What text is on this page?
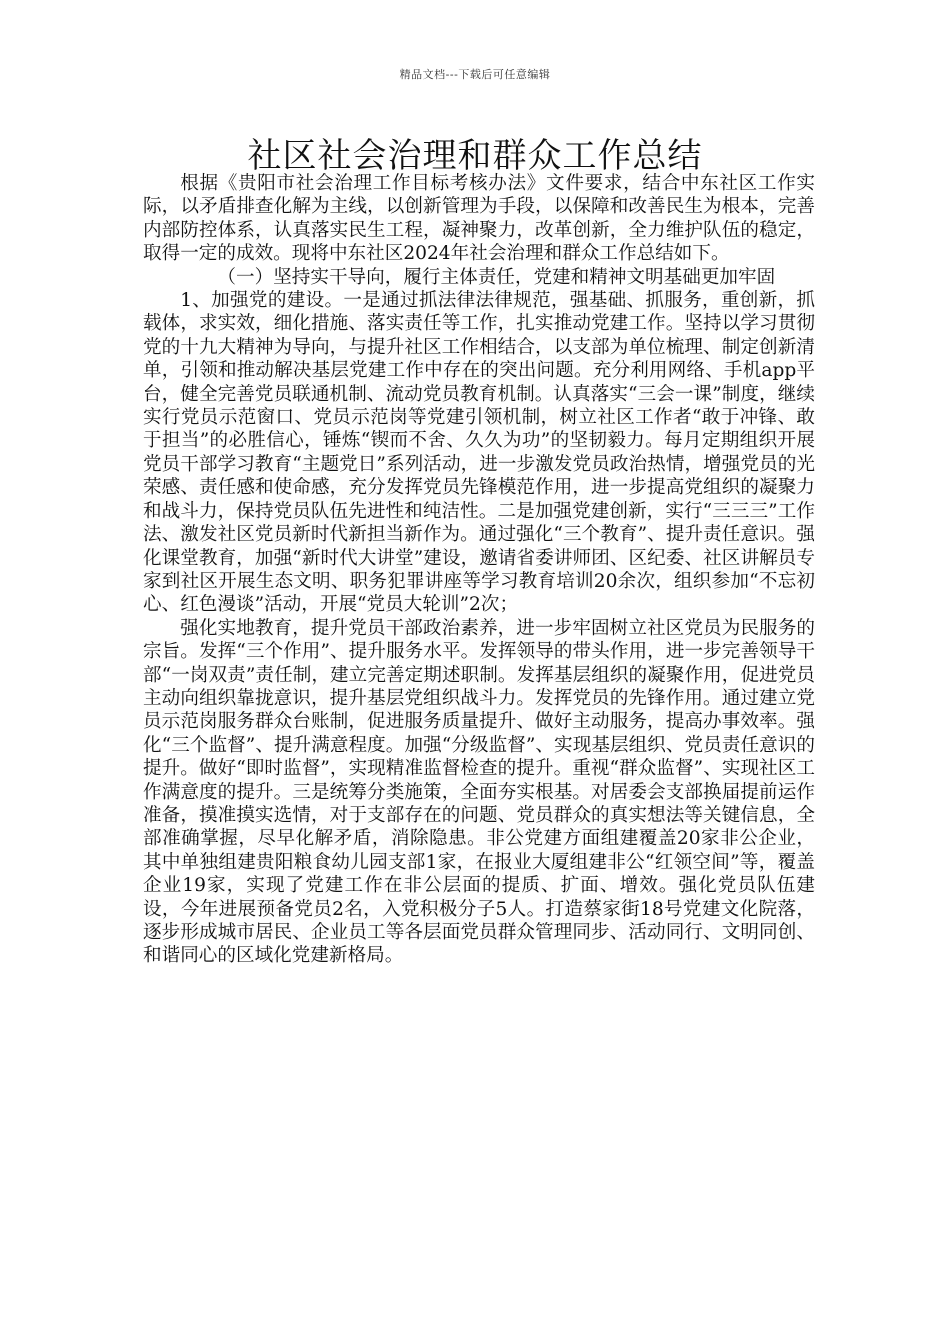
精品文档---下载后可任意编辑
社区社会治理和群众工作总结

根据《贵阳市社会治理工作目标考核办法》文件要求，结合中东社区工作实际，以矛盾排查化解为主线，以创新管理为手段，以保障和改善民生为根本，完善内部防控体系，认真落实民生工程，凝神聚力，改革创新，全力维护队伍的稳定，取得一定的成效。现将中东社区2024年社会治理和群众工作总结如下。

（一）坚持实干导向，履行主体责任，党建和精神文明基础更加牢固

1、加强党的建设。一是通过抓法律法律规范，强基础、抓服务，重创新，抓载体，求实效，细化措施、落实责任等工作，扎实推动党建工作。坚持以学习贯彻党的十九大精神为导向，与提升社区工作相结合，以支部为单位梳理、制定创新清单，引领和推动解决基层党建工作中存在的突出问题。充分利用网络、手机app平台，健全完善党员联通机制、流动党员教育机制。认真落实“三会一课”制度，继续实行党员示范窗口、党员示范岗等党建引领机制，树立社区工作者“敢于冲锋、敢于担当”的必胜信心，锤炼“锲而不舍、久久为功”的坚韧毅力。每月定期组织开展党员干部学习教育“主题党日”系列活动，进一步激发党员政治热情，增强党员的光荣感、责任感和使命感，充分发挥党员先锋模范作用，进一步提高党组织的凝聚力和战斗力，保持党员队伍先进性和纯洁性。二是加强党建创新，实行“三三三”工作法、激发社区党员新时代新担当新作为。通过强化“三个教育”、提升责任意识。强化课堂教育，加强“新时代大讲堂”建设，邀请省委讲师团、区纪委、社区讲解员专家到社区开展生态文明、职务犯罪讲座等学习教育培训20余次，组织参加“不忘初心、红色漫谈”活动，开展“党员大轮训”2次；

强化实地教育，提升党员干部政治素养，进一步牢固树立社区党员为民服务的宗旨。发挥“三个作用”、提升服务水平。发挥领导的带头作用，进一步完善领导干部“一岗双责”责任制，建立完善定期述职制。发挥基层组织的凝聚作用，促进党员主动向组织靠拢意识，提升基层党组织战斗力。发挥党员的先锋作用。通过建立党员示范岗服务群众台账制，促进服务质量提升、做好主动服务，提高办事效率。强化“三个监督”、提升满意程度。加强“分级监督”、实现基层组织、党员责任意识的提升。做好“即时监督”，实现精准监督检查的提升。重视“群众监督”、实现社区工作满意度的提升。三是统筹分类施策，全面夯实根基。对居委会支部换届提前运作准备，摸准摸实选情，对于支部存在的问题、党员群众的真实想法等关键信息，全部准确掌握，尽早化解矛盾，消除隐患。非公党建方面组建覆盖20家非公企业，其中单独组建贵阳粮食幼儿园支部1家，在报业大厦组建非公“红领空间”等，覆盖企业19家，实现了党建工作在非公层面的提质、扩面、增效。强化党员队伍建设，今年进展预备党员2名，入党积极分子5人。打造蔡家街18号党建文化院落，逐步形成城市居民、企业员工等各层面党员群众管理同步、活动同行、文明同创、和谐同心的区域化党建新格局。
